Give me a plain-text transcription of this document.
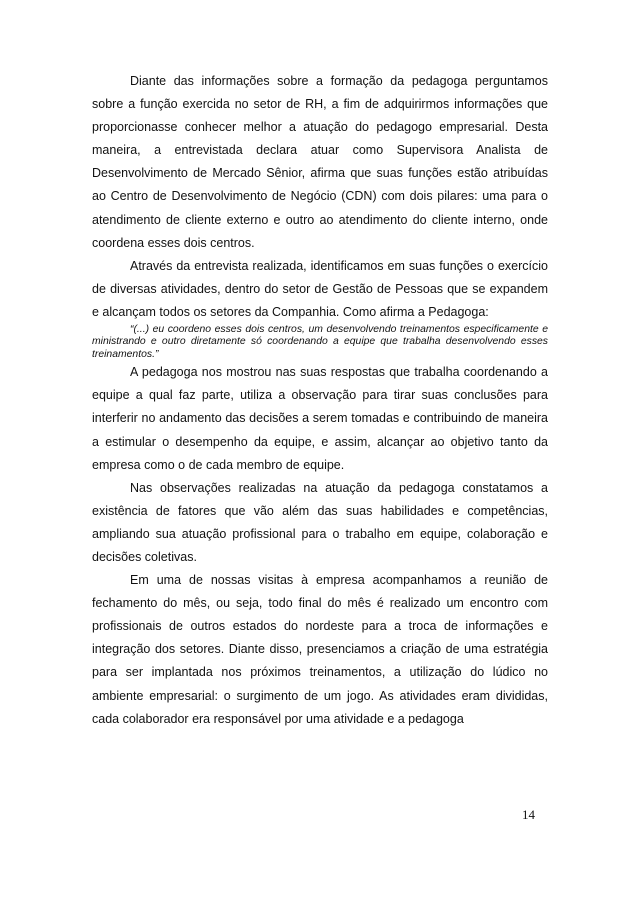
Diante das informações sobre a formação da pedagoga perguntamos sobre a função exercida no setor de RH, a fim de adquirirmos informações que proporcionasse conhecer melhor a atuação do pedagogo empresarial. Desta maneira, a entrevistada declara atuar como Supervisora Analista de Desenvolvimento de Mercado Sênior, afirma que suas funções estão atribuídas ao Centro de Desenvolvimento de Negócio (CDN) com dois pilares: uma para o atendimento de cliente externo e outro ao atendimento do cliente interno, onde coordena esses dois centros.

Através da entrevista realizada, identificamos em suas funções o exercício de diversas atividades, dentro do setor de Gestão de Pessoas que se expandem e alcançam todos os setores da Companhia. Como afirma a Pedagoga:

“(...) eu coordeno esses dois centros, um desenvolvendo treinamentos especificamente e ministrando e outro diretamente só coordenando a equipe que trabalha desenvolvendo esses treinamentos.”

A pedagoga nos mostrou nas suas respostas que trabalha coordenando a equipe a qual faz parte, utiliza a observação para tirar suas conclusões para interferir no andamento das decisões a serem tomadas e contribuindo de maneira a estimular o desempenho da equipe, e assim, alcançar ao objetivo tanto da empresa como o de cada membro de equipe.

Nas observações realizadas na atuação da pedagoga constatamos a existência de fatores que vão além das suas habilidades e competências, ampliando sua atuação profissional para o trabalho em equipe, colaboração e decisões coletivas.

Em uma de nossas visitas à empresa acompanhamos a reunião de fechamento do mês, ou seja, todo final do mês é realizado um encontro com profissionais de outros estados do nordeste para a troca de informações e integração dos setores. Diante disso, presenciamos a criação de uma estratégia para ser implantada nos próximos treinamentos, a utilização do lúdico no ambiente empresarial: o surgimento de um jogo. As atividades eram divididas, cada colaborador era responsável por uma atividade e a pedagoga

14
